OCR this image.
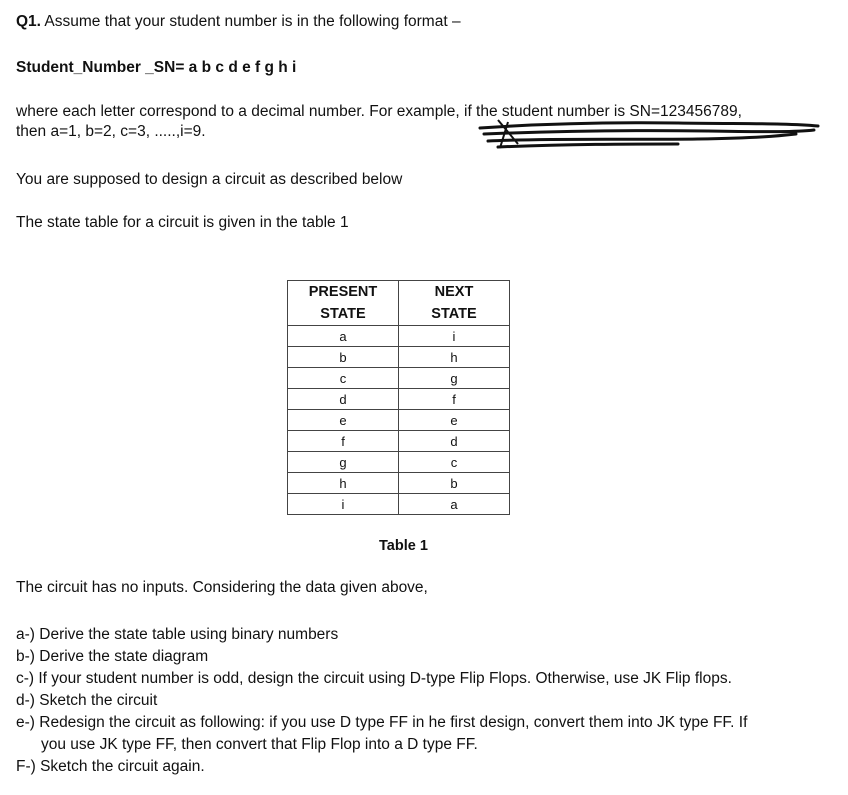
Q1. Assume that your student number is in the following format –
Student_Number _SN= a b c d e f g h i
where each letter correspond to a decimal number. For example, if the student number is SN=123456789,
then a=1, b=2, c=3, .....,i=9.
You are supposed to design a circuit as described below
The state table for a circuit is given in the table 1
PRESENT	NEXT
STATE	STATE
a	i
b	h
c	g
d	f
e	e
f	d
g	c
h	b
i	a
Table 1
The circuit has no inputs. Considering the data given above,
a-) Derive the state table using binary numbers
b-) Derive the state diagram
c-) If your student number is odd, design the circuit using D-type Flip Flops. Otherwise, use JK Flip flops.
d-) Sketch the circuit
e-) Redesign the circuit as following: if you use D type FF in he first design, convert them into JK type FF. If
you use JK type FF, then convert that Flip Flop into a D type FF.
F-) Sketch the circuit again.
